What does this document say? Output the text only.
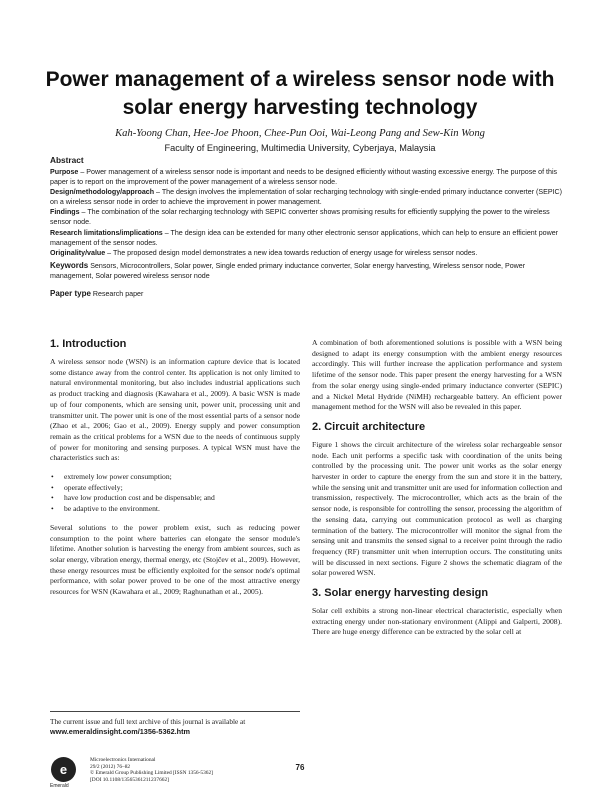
Power management of a wireless sensor node with solar energy harvesting technology
Kah-Yoong Chan, Hee-Joe Phoon, Chee-Pun Ooi, Wai-Leong Pang and Sew-Kin Wong
Faculty of Engineering, Multimedia University, Cyberjaya, Malaysia
Abstract

Purpose – Power management of a wireless sensor node is important and needs to be designed efficiently without wasting excessive energy. The purpose of this paper is to report on the improvement of the power management of a wireless sensor node.

Design/methodology/approach – The design involves the implementation of solar recharging technology with single-ended primary inductance converter (SEPIC) on a wireless sensor node in order to achieve the improvement in power management.

Findings – The combination of the solar recharging technology with SEPIC converter shows promising results for efficiently supplying the power to the wireless sensor node.

Research limitations/implications – The design idea can be extended for many other electronic sensor applications, which can help to ensure an efficient power management of the sensor nodes.

Originality/value – The proposed design model demonstrates a new idea towards reduction of energy usage for wireless sensor nodes.

Keywords Sensors, Microcontrollers, Solar power, Single ended primary inductance converter, Solar energy harvesting, Wireless sensor node, Power management, Solar powered wireless sensor node

Paper type Research paper

1. Introduction

A wireless sensor node (WSN) is an information capture device that is located some distance away from the control center. Its application is not only limited to natural environmental monitoring, but also includes industrial applications such as product tracking and diagnosis (Kawahara et al., 2009). A basic WSN is made up of four components, which are sensing unit, power unit, processing unit and transmitter unit. The power unit is one of the most essential parts of a sensor node (Zhao et al., 2006; Gao et al., 2009). Energy supply and power consumption remain as the critical problems for a WSN due to the needs of continuous supply of power for monitoring and sensing purposes. A typical WSN must have the characteristics such as:

• extremely low power consumption;
• operate effectively;
• have low production cost and be dispensable; and
• be adaptive to the environment.

Several solutions to the power problem exist, such as reducing power consumption to the point where batteries can elongate the sensor module's lifetime. Another solution is harvesting the energy from ambient sources, such as solar energy, vibration energy, thermal energy, etc (Stojčev et al., 2009). However, these energy resources must be efficiently exploited for the sensor node's optimal performance, with solar power proved to be one of the most attractive energy resources for WSN (Kawahara et al., 2009; Raghunathan et al., 2005).

A combination of both aforementioned solutions is possible with a WSN being designed to adapt its energy consumption with the ambient energy resources accordingly. This will further increase the application performance and system lifetime of the sensor node. This paper present the energy harvesting for a WSN from the solar energy using single-ended primary inductance converter (SEPIC) and a Nickel Metal Hydride (NiMH) rechargeable battery. An efficient power management method for the WSN will also be revealed in this paper.

2. Circuit architecture

Figure 1 shows the circuit architecture of the wireless solar rechargeable sensor node. Each unit performs a specific task with coordination of the units being controlled by the processing unit. The power unit works as the solar energy harvester in order to capture the energy from the sun and store it in the battery, while the sensing unit and transmitter unit are used for information collection and transmission, respectively. The microcontroller, which acts as the brain of the sensor node, is responsible for controlling the sensor, processing the algorithm of the sensing data, carrying out communication protocol as well as charging termination of the battery. The microcontroller will monitor the signal from the sensing unit and transmits the sensed signal to a receiver point through the radio frequency (RF) transmitter unit when interruption occurs. The constituting units will be discussed in next sections. Figure 2 shows the schematic diagram of the solar powered WSN.

3. Solar energy harvesting design

Solar cell exhibits a strong non-linear electrical characteristic, especially when extracting energy under non-stationary environment (Alippi and Galperti, 2008). There are huge energy difference can be extracted by the solar cell at

The current issue and full text archive of this journal is available at
www.emeraldinsight.com/1356-5362.htm

e
Emerald
Microelectronics International
29/2 (2012) 76–82
© Emerald Group Publishing Limited [ISSN 1356-5362]
[DOI 10.1108/13565361211237662]
76
